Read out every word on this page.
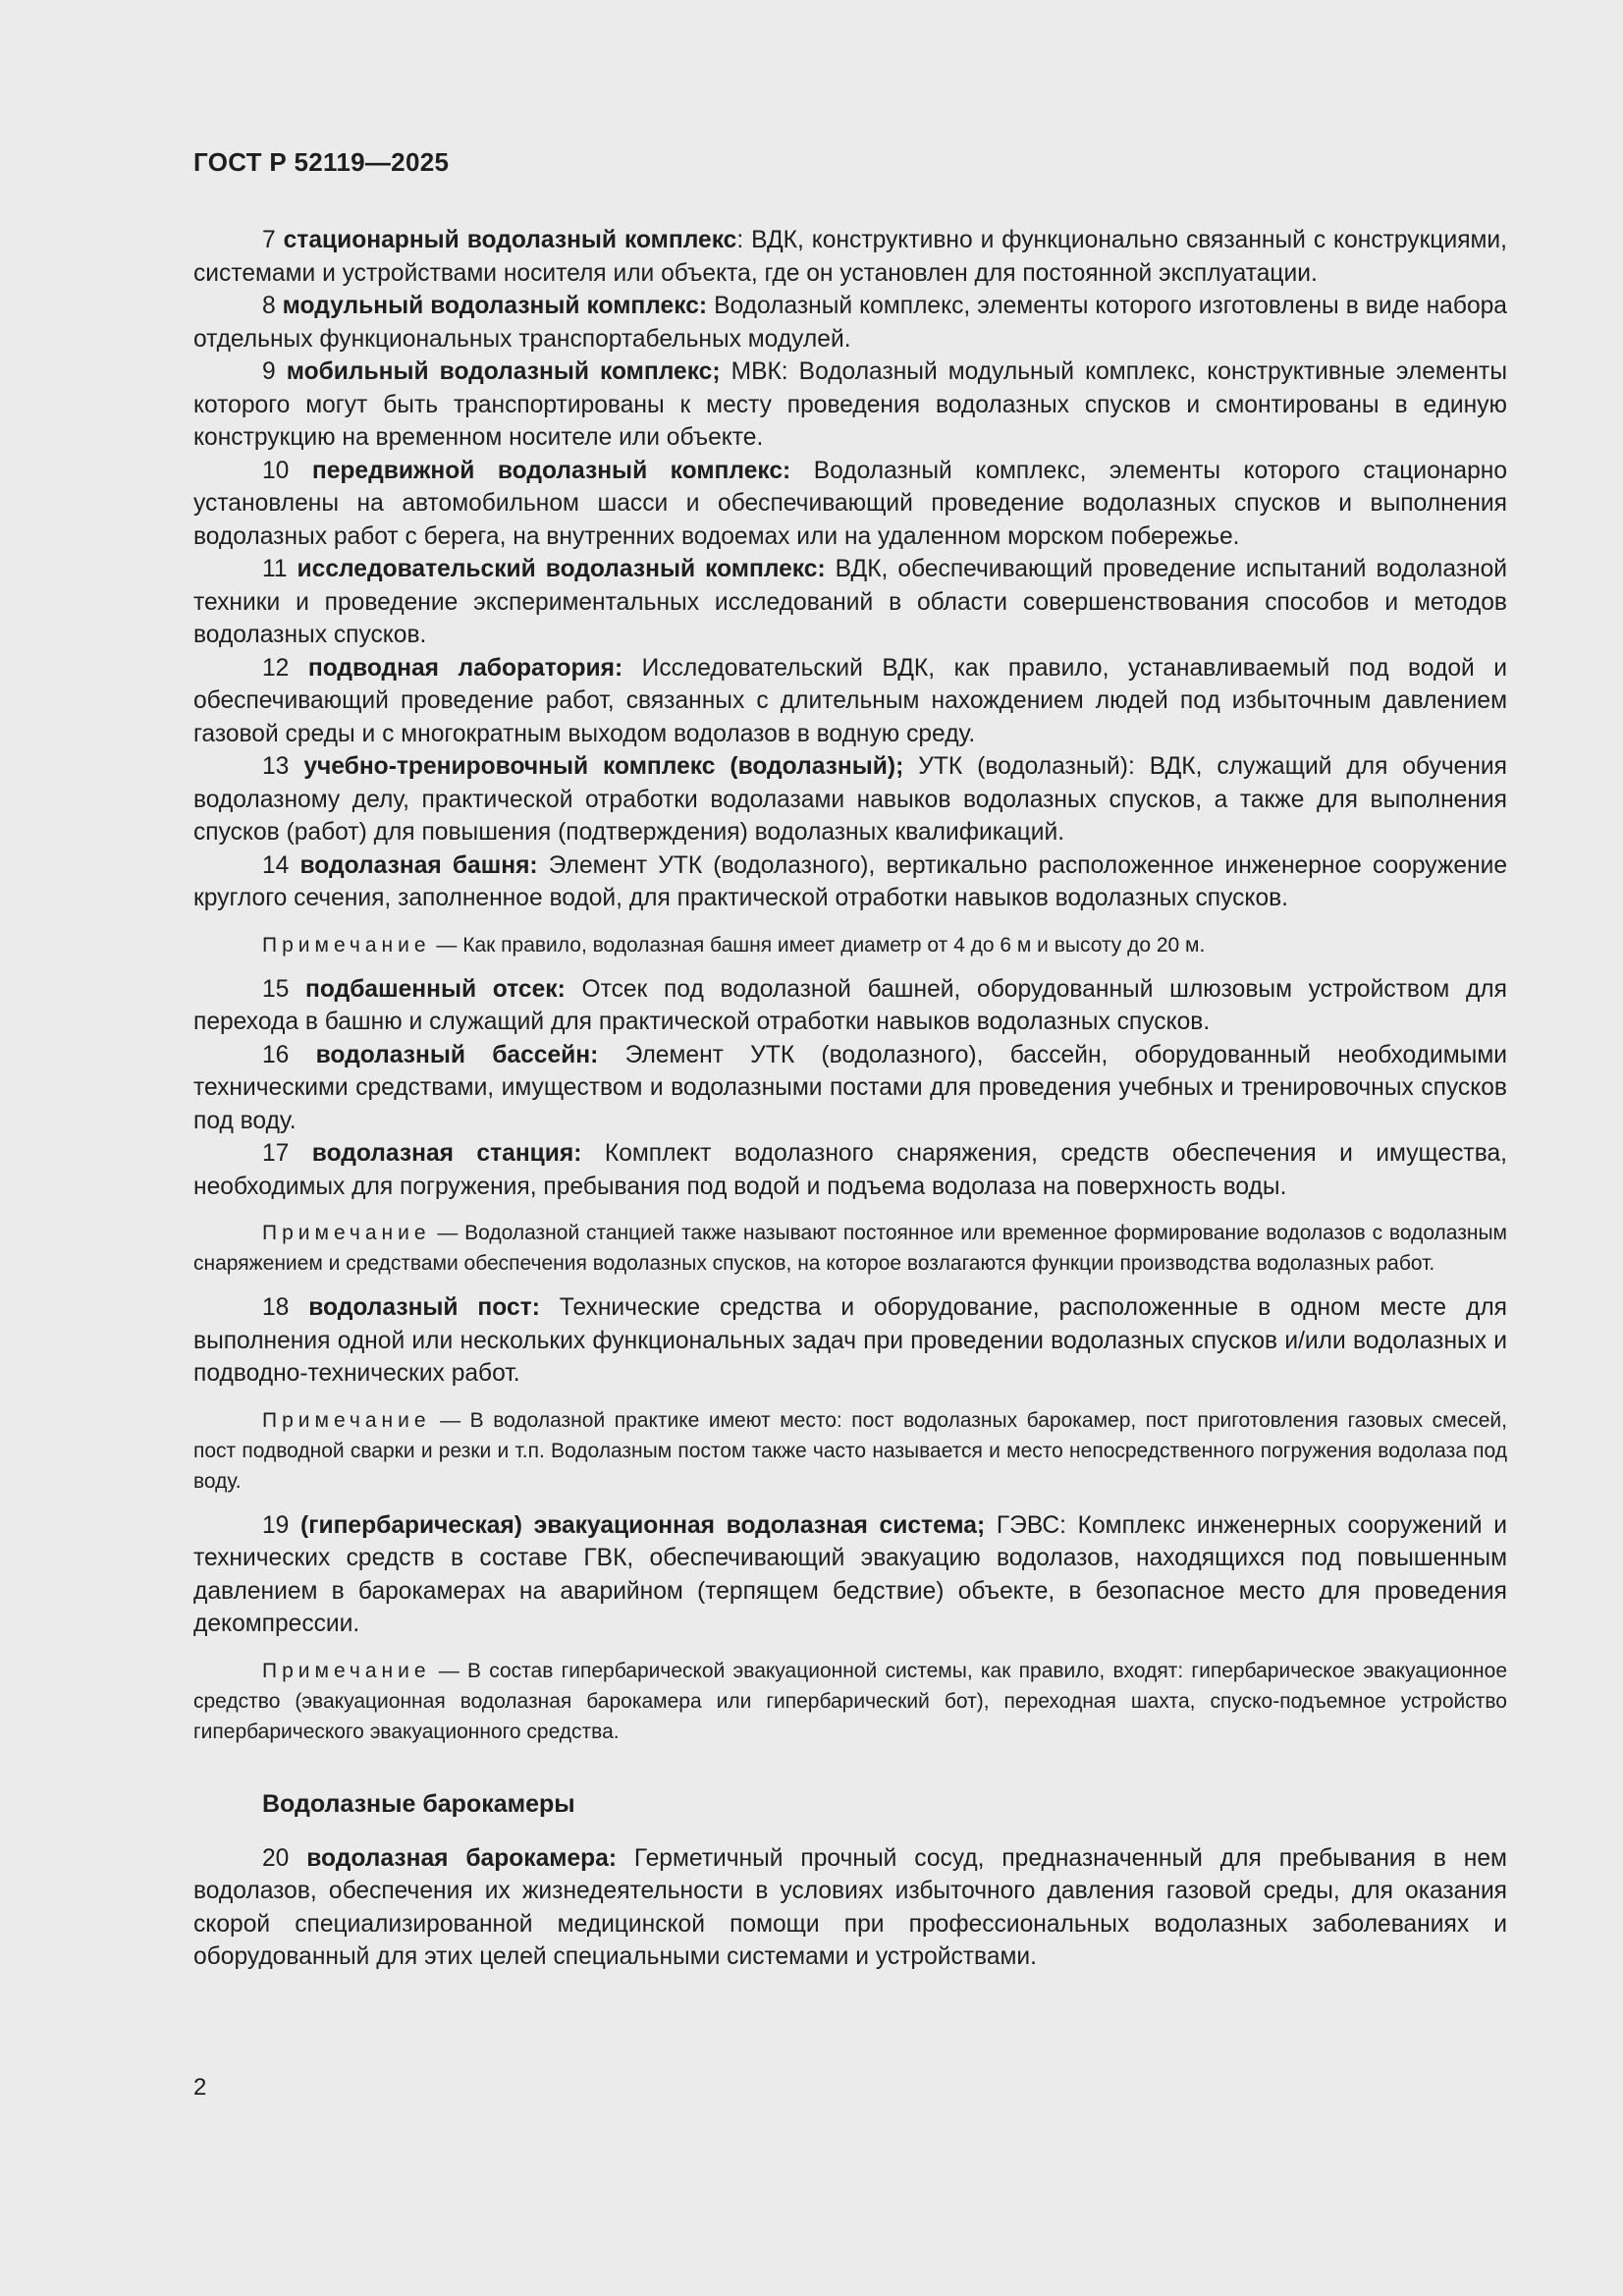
ГОСТ Р 52119—2025

7 стационарный водолазный комплекс: ВДК, конструктивно и функционально связанный с конструкциями, системами и устройствами носителя или объекта, где он установлен для постоянной эксплуатации.

8 модульный водолазный комплекс: Водолазный комплекс, элементы которого изготовлены в виде набора отдельных функциональных транспортабельных модулей.

9 мобильный водолазный комплекс; МВК: Водолазный модульный комплекс, конструктивные элементы которого могут быть транспортированы к месту проведения водолазных спусков и смонтированы в единую конструкцию на временном носителе или объекте.

10 передвижной водолазный комплекс: Водолазный комплекс, элементы которого стационарно установлены на автомобильном шасси и обеспечивающий проведение водолазных спусков и выполнения водолазных работ с берега, на внутренних водоемах или на удаленном морском побережье.

11 исследовательский водолазный комплекс: ВДК, обеспечивающий проведение испытаний водолазной техники и проведение экспериментальных исследований в области совершенствования способов и методов водолазных спусков.

12 подводная лаборатория: Исследовательский ВДК, как правило, устанавливаемый под водой и обеспечивающий проведение работ, связанных с длительным нахождением людей под избыточным давлением газовой среды и с многократным выходом водолазов в водную среду.

13 учебно-тренировочный комплекс (водолазный); УТК (водолазный): ВДК, служащий для обучения водолазному делу, практической отработки водолазами навыков водолазных спусков, а также для выполнения спусков (работ) для повышения (подтверждения) водолазных квалификаций.

14 водолазная башня: Элемент УТК (водолазного), вертикально расположенное инженерное сооружение круглого сечения, заполненное водой, для практической отработки навыков водолазных спусков.

Примечание — Как правило, водолазная башня имеет диаметр от 4 до 6 м и высоту до 20 м.

15 подбашенный отсек: Отсек под водолазной башней, оборудованный шлюзовым устройством для перехода в башню и служащий для практической отработки навыков водолазных спусков.

16 водолазный бассейн: Элемент УТК (водолазного), бассейн, оборудованный необходимыми техническими средствами, имуществом и водолазными постами для проведения учебных и тренировочных спусков под воду.

17 водолазная станция: Комплект водолазного снаряжения, средств обеспечения и имущества, необходимых для погружения, пребывания под водой и подъема водолаза на поверхность воды.

Примечание — Водолазной станцией также называют постоянное или временное формирование водолазов с водолазным снаряжением и средствами обеспечения водолазных спусков, на которое возлагаются функции производства водолазных работ.

18 водолазный пост: Технические средства и оборудование, расположенные в одном месте для выполнения одной или нескольких функциональных задач при проведении водолазных спусков и/или водолазных и подводно-технических работ.

Примечание — В водолазной практике имеют место: пост водолазных барокамер, пост приготовления газовых смесей, пост подводной сварки и резки и т.п. Водолазным постом также часто называется и место непосредственного погружения водолаза под воду.

19 (гипербарическая) эвакуационная водолазная система; ГЭВС: Комплекс инженерных сооружений и технических средств в составе ГВК, обеспечивающий эвакуацию водолазов, находящихся под повышенным давлением в барокамерах на аварийном (терпящем бедствие) объекте, в безопасное место для проведения декомпрессии.

Примечание — В состав гипербарической эвакуационной системы, как правило, входят: гипербарическое эвакуационное средство (эвакуационная водолазная барокамера или гипербарический бот), переходная шахта, спуско-подъемное устройство гипербарического эвакуационного средства.

Водолазные барокамеры

20 водолазная барокамера: Герметичный прочный сосуд, предназначенный для пребывания в нем водолазов, обеспечения их жизнедеятельности в условиях избыточного давления газовой среды, для оказания скорой специализированной медицинской помощи при профессиональных водолазных заболеваниях и оборудованный для этих целей специальными системами и устройствами.

2
